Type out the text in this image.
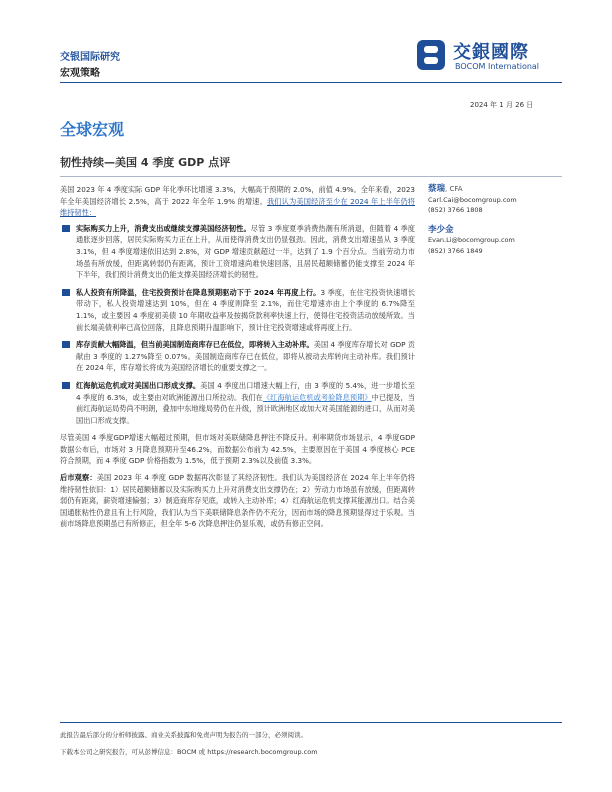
交银国际研究
宏观策略
交銀國際
BOCOM International
2024 年 1 月 26 日
全球宏观
韧性持续—美国 4 季度 GDP 点评

美国 2023 年 4 季度实际 GDP 年化季环比增速 3.3%，大幅高于预期的 2.0%，前值 4.9%。全年来看，2023 年全年美国经济增长 2.5%，高于 2022 年全年 1.9% 的增速。我们认为美国经济至少在 2024 年上半年仍将维持韧性：

实际购买力上升，消费支出或继续支撑美国经济韧性。尽管 3 季度夏季消费热潮有所消退，但随着 4 季度通胀逐步回落，居民实际购买力正在上升，从而使得消费支出仍显强劲。因此，消费支出增速虽从 3 季度 3.1%，但 4 季度增速依旧达到 2.8%，对 GDP 增速贡献超过一半，达到了 1.9 个百分点。当前劳动力市场虽有所放缓，但距离转弱仍有距离，预计工资增速尚难快速回落，且居民超额储蓄仍能支撑至 2024 年下半年，我们预计消费支出仍能支撑美国经济增长的韧性。
私人投资有所降温，住宅投资预计在降息预期驱动下于 2024 年再度上行。3 季度，在住宅投资快速增长带动下，私人投资增速达到 10%，但在 4 季度则降至 2.1%，而住宅增速亦由上个季度的 6.7%降至 1.1%，或主要因 4 季度初美债 10 年期收益率及按揭贷款利率快速上行，使得住宅投资活动放缓所致。当前长端美债利率已高位回落，且降息预期升温影响下，预计住宅投资增速或将再度上行。
库存贡献大幅降温，但当前美国制造商库存已在低位，即将转入主动补库。美国 4 季度库存增长对 GDP 贡献由 3 季度的 1.27%降至 0.07%。美国制造商库存已在低位，即将从被动去库转向主动补库。我们预计在 2024 年，库存增长将成为美国经济增长的重要支撑之一。
红海航运危机或对美国出口形成支撑。美国 4 季度出口增速大幅上行，由 3 季度的 5.4%，进一步增长至 4 季度的 6.3%，或主要由对欧洲能源出口所拉动。我们在《红海航运危机或考验降息预期》中已提及，当前红海航运局势尚不明朗，叠加中东地缘局势仍在升级，预计欧洲地区或加大对美国能源的进口，从而对美国出口形成支撑。

尽管美国 4 季度GDP增速大幅超过预期，但市场对美联储降息押注不降反升。利率期货市场显示，4 季度GDP数据公布后，市场对 3 月降息预期升至46.2%，而数据公布前为 42.5%，主要原因在于美国 4 季度核心 PCE 符合预期，而 4 季度 GDP 价格指数为 1.5%，低于预期 2.3%以及前值 3.3%。

后市观察：美国 2023 年 4 季度 GDP 数据再次彰显了其经济韧性。我们认为美国经济在 2024 年上半年仍将维持韧性依旧：1）居民超额储蓄以及实际购买力上升对消费支出支撑仍在；2）劳动力市场虽有放缓，但距离转弱仍有距离，薪资增速偏强；3）制造商库存见底，或转入主动补库；4）红海航运危机支撑其能源出口。结合美国通胀粘性仍意且有上行风险，我们认为当下美联储降息条件仍不充分，因而市场的降息预期显得过于乐观。当前市场降息预期虽已有所修正，但全年 5-6 次降息押注仍显乐观，或仍有修正空间。

蔡瑞, CFA
Carl.Cai@bocomgroup.com
(852) 3766 1808
李少金
Evan.Li@bocomgroup.com
(852) 3766 1849
此报告最后部分的分析师披露、商业关系披露和免责声明为报告的一部分，必须阅读。
下载本公司之研究报告，可从彭博信息：BOCM 或 https://research.bocomgroup.com
